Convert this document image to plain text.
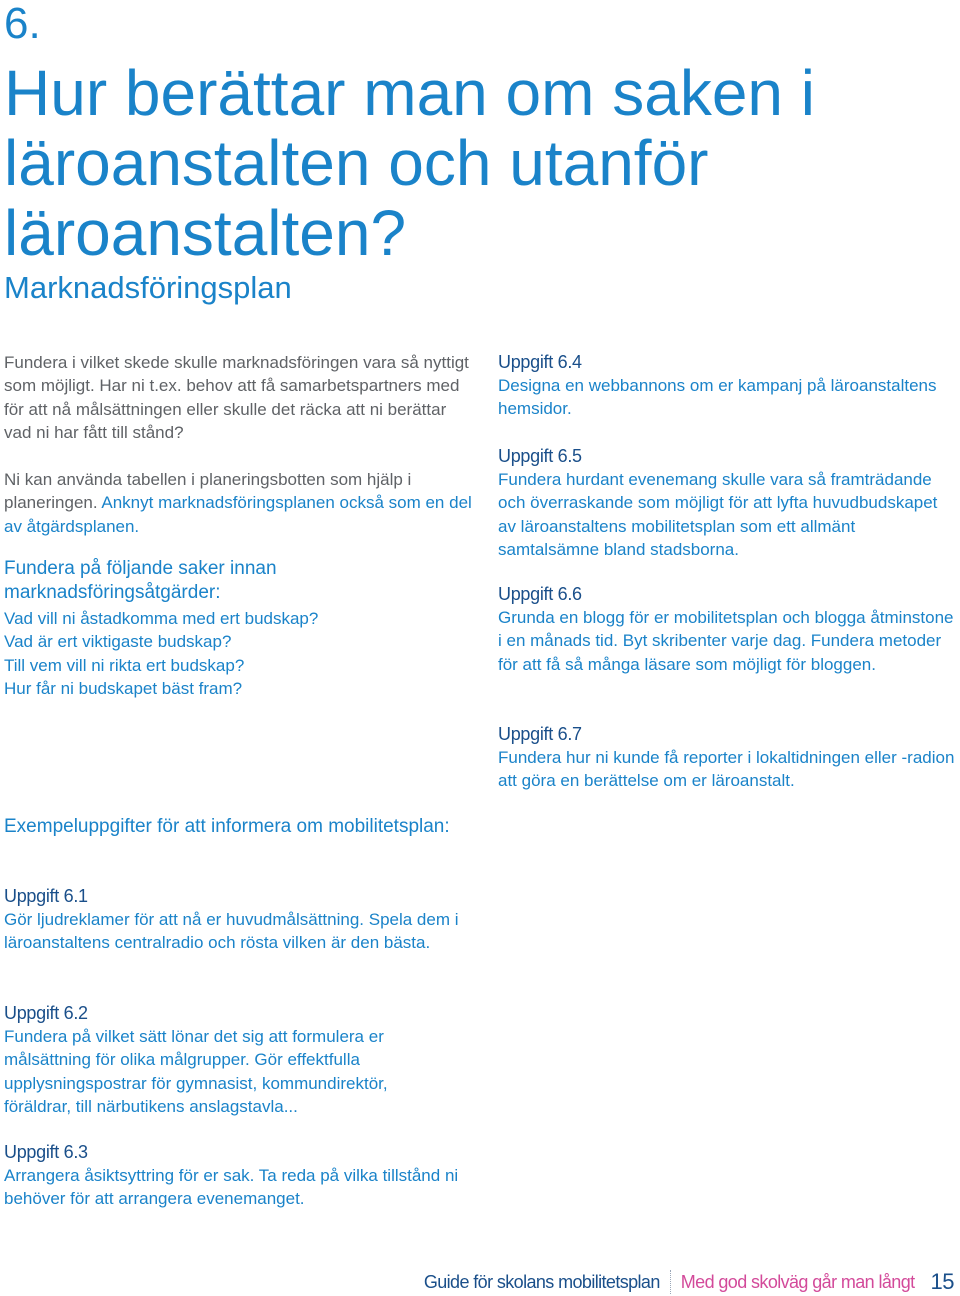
6.
Hur berättar man om saken i läroanstalten och utanför läroanstalten?
Marknadsföringsplan

Fundera i vilket skede skulle marknadsföringen vara så nyttigt som möjligt. Har ni t.ex. behov att få samarbetspartners med för att nå målsättningen eller skulle det räcka att ni berättar vad ni har fått till stånd?

Ni kan använda tabellen i planeringsbotten som hjälp i planeringen. Anknyt marknadsföringsplanen också som en del av åtgärdsplanen.

Fundera på följande saker innan marknadsföringsåtgärder:
Vad vill ni åstadkomma med ert budskap?
Vad är ert viktigaste budskap?
Till vem vill ni rikta ert budskap?
Hur får ni budskapet bäst fram?
Exempeluppgifter för att informera om mobilitetsplan:
Uppgift 6.1
Gör ljudreklamer för att nå er huvudmålsättning. Spela dem i läroanstaltens centralradio och rösta vilken är den bästa.
Uppgift 6.2
Fundera på vilket sätt lönar det sig att formulera er målsättning för olika målgrupper. Gör effektfulla upplysningspostrar för gymnasist, kommundirektör, föräldrar, till närbutikens anslagstavla...
Uppgift 6.3
Arrangera åsiktsyttring för er sak. Ta reda på vilka tillstånd ni behöver för att arrangera evenemanget.
Uppgift 6.4
Designa en webbannons om er kampanj på läroanstaltens hemsidor.
Uppgift 6.5
Fundera hurdant evenemang skulle vara så framträdande och överraskande som möjligt för att lyfta huvudbudskapet av läroanstaltens mobilitetsplan som ett allmänt samtalsämne bland stadsborna.
Uppgift 6.6
Grunda en blogg för er mobilitetsplan och blogga åtminstone i en månads tid. Byt skribenter varje dag. Fundera metoder för att få så många läsare som möjligt för bloggen.
Uppgift 6.7
Fundera hur ni kunde få reporter i lokaltidningen eller -radion att göra en berättelse om er läroanstalt.
Guide för skolans mobilitetsplan Med god skolväg går man långt 15
